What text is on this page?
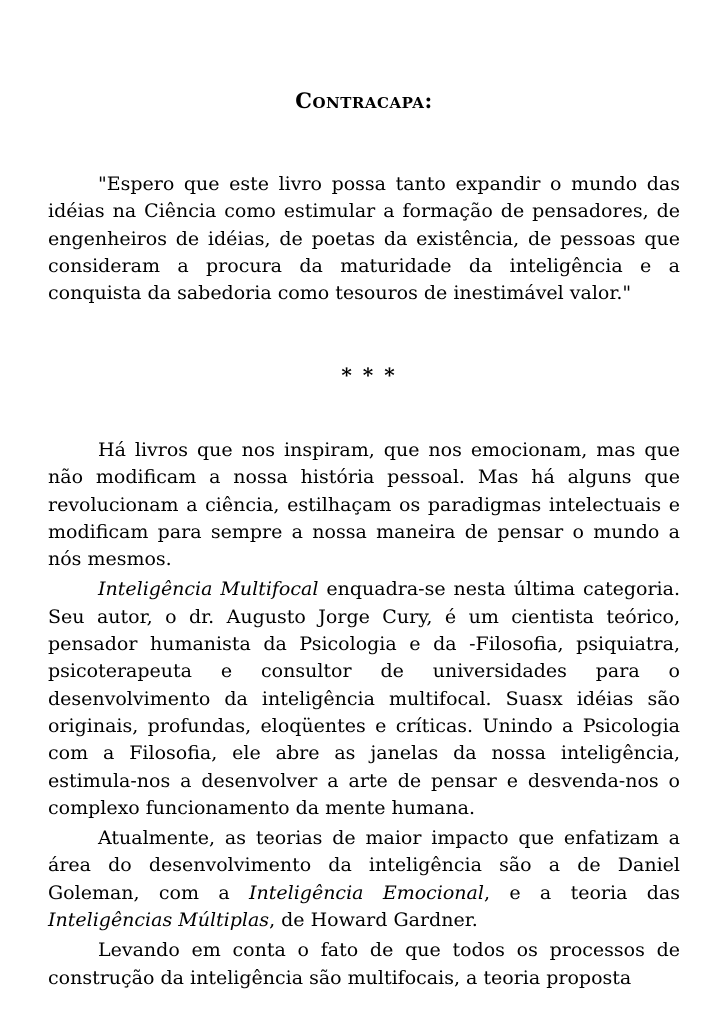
Contracapa:

"Espero que este livro possa tanto expandir o mundo das idéias na Ciência como estimular a formação de pensadores, de engenheiros de idéias, de poetas da existência, de pessoas que consideram a procura da maturidade da inteligência e a conquista da sabedoria como tesouros de inestimável valor."

* * *

Há livros que nos inspiram, que nos emocionam, mas que não modificam a nossa história pessoal. Mas há alguns que revolucionam a ciência, estilhaçam os paradigmas intelectuais e modificam para sempre a nossa maneira de pensar o mundo a nós mesmos.

Inteligência Multifocal enquadra-se nesta última categoria. Seu autor, o dr. Augusto Jorge Cury, é um cientista teórico, pensador humanista da Psicologia e da -Filosofia, psiquiatra, psicoterapeuta e consultor de universidades para o desenvolvimento da inteligência multifocal. Suasx idéias são originais, profundas, eloqüentes e críticas. Unindo a Psicologia com a Filosofia, ele abre as janelas da nossa inteligência, estimula-nos a desenvolver a arte de pensar e desvenda-nos o complexo funcionamento da mente humana.

Atualmente, as teorias de maior impacto que enfatizam a área do desenvolvimento da inteligência são a de Daniel Goleman, com a Inteligência Emocional, e a teoria das Inteligências Múltiplas, de Howard Gardner.

Levando em conta o fato de que todos os processos de construção da inteligência são multifocais, a teoria proposta
